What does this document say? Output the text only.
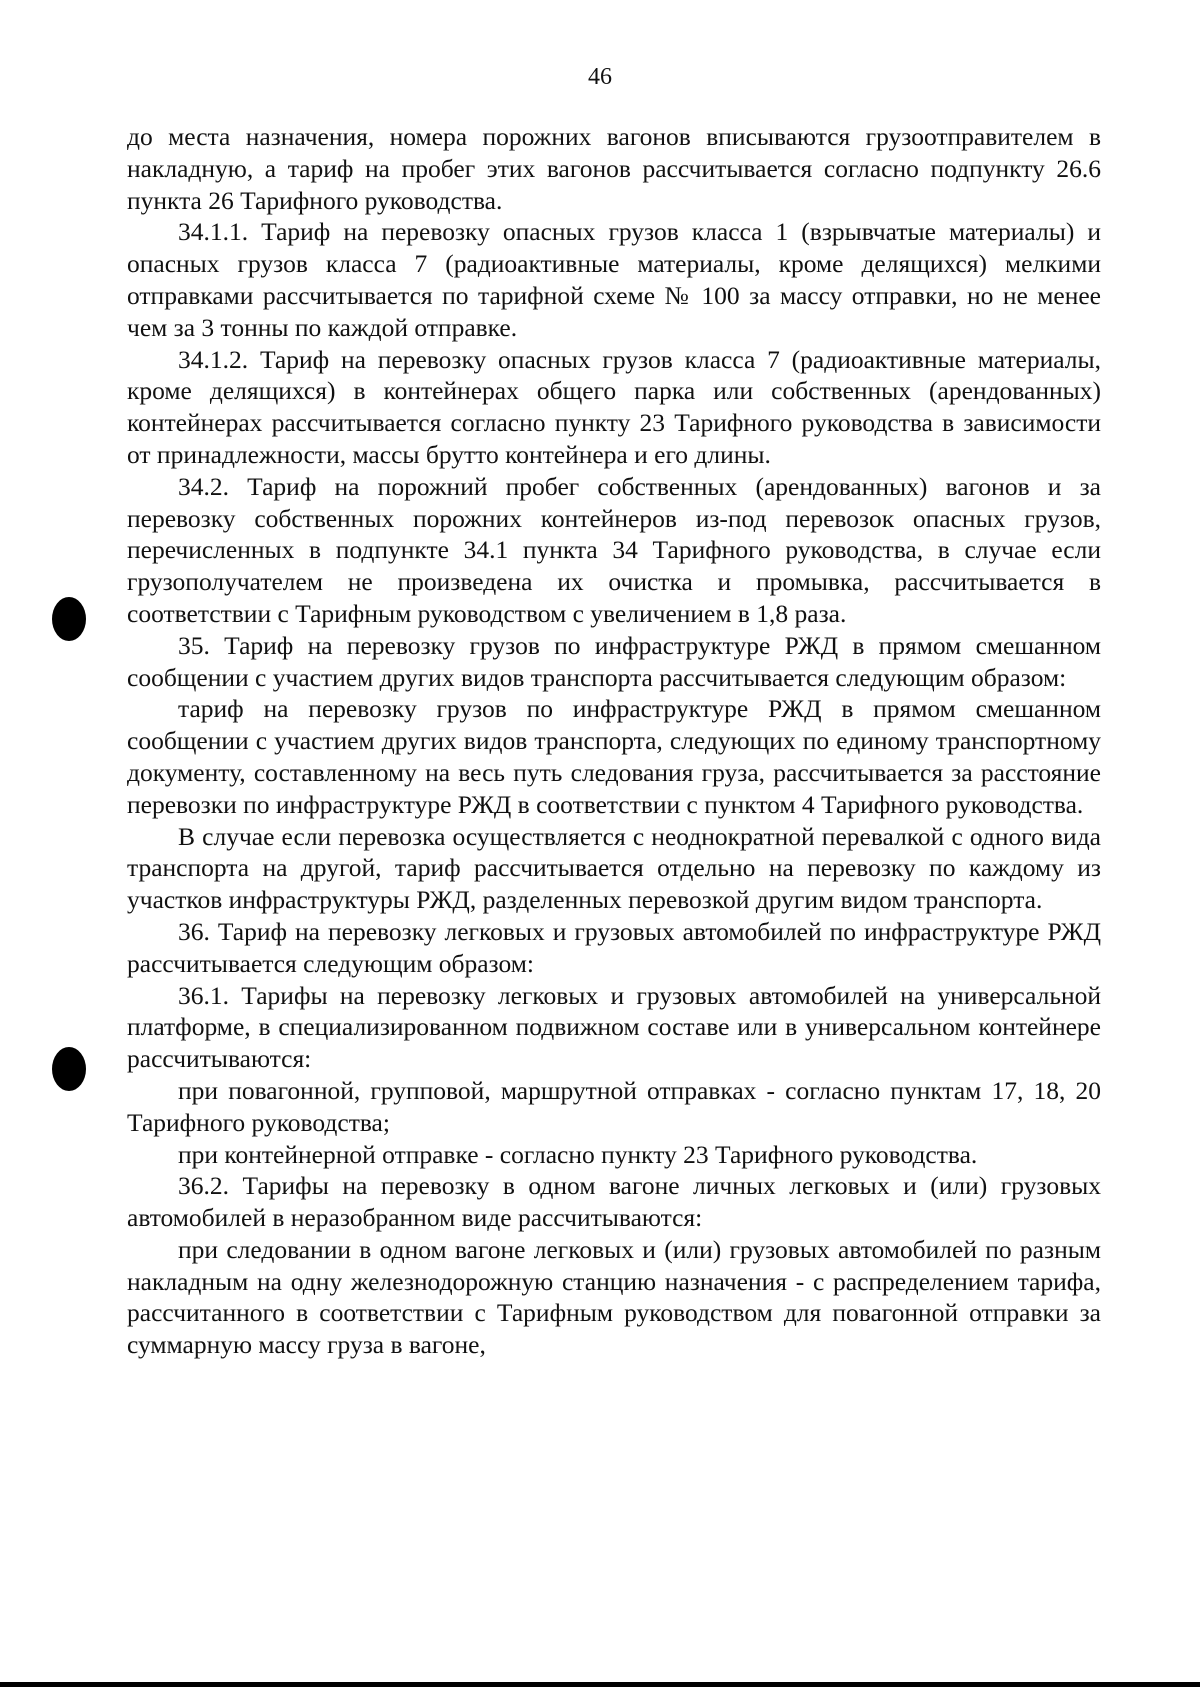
46

до места назначения, номера порожних вагонов вписываются грузоотправителем в накладную, а тариф на пробег этих вагонов рассчитывается согласно подпункту 26.6 пункта 26 Тарифного руководства.

34.1.1. Тариф на перевозку опасных грузов класса 1 (взрывчатые материалы) и опасных грузов класса 7 (радиоактивные материалы, кроме делящихся) мелкими отправками рассчитывается по тарифной схеме № 100 за массу отправки, но не менее чем за 3 тонны по каждой отправке.

34.1.2. Тариф на перевозку опасных грузов класса 7 (радиоактивные материалы, кроме делящихся) в контейнерах общего парка или собственных (арендованных) контейнерах рассчитывается согласно пункту 23 Тарифного руководства в зависимости от принадлежности, массы брутто контейнера и его длины.

34.2. Тариф на порожний пробег собственных (арендованных) вагонов и за перевозку собственных порожних контейнеров из-под перевозок опасных грузов, перечисленных в подпункте 34.1 пункта 34 Тарифного руководства, в случае если грузополучателем не произведена их очистка и промывка, рассчитывается в соответствии с Тарифным руководством с увеличением в 1,8 раза.

35. Тариф на перевозку грузов по инфраструктуре РЖД в прямом смешанном сообщении с участием других видов транспорта рассчитывается следующим образом:

тариф на перевозку грузов по инфраструктуре РЖД в прямом смешанном сообщении с участием других видов транспорта, следующих по единому транспортному документу, составленному на весь путь следования груза, рассчитывается за расстояние перевозки по инфраструктуре РЖД в соответствии с пунктом 4 Тарифного руководства.

В случае если перевозка осуществляется с неоднократной перевалкой с одного вида транспорта на другой, тариф рассчитывается отдельно на перевозку по каждому из участков инфраструктуры РЖД, разделенных перевозкой другим видом транспорта.

36. Тариф на перевозку легковых и грузовых автомобилей по инфраструктуре РЖД рассчитывается следующим образом:

36.1. Тарифы на перевозку легковых и грузовых автомобилей на универсальной платформе, в специализированном подвижном составе или в универсальном контейнере рассчитываются:

при повагонной, групповой, маршрутной отправках - согласно пунктам 17, 18, 20 Тарифного руководства;

при контейнерной отправке - согласно пункту 23 Тарифного руководства.

36.2. Тарифы на перевозку в одном вагоне личных легковых и (или) грузовых автомобилей в неразобранном виде рассчитываются:

при следовании в одном вагоне легковых и (или) грузовых автомобилей по разным накладным на одну железнодорожную станцию назначения - с распределением тарифа, рассчитанного в соответствии с Тарифным руководством для повагонной отправки за суммарную массу груза в вагоне,
